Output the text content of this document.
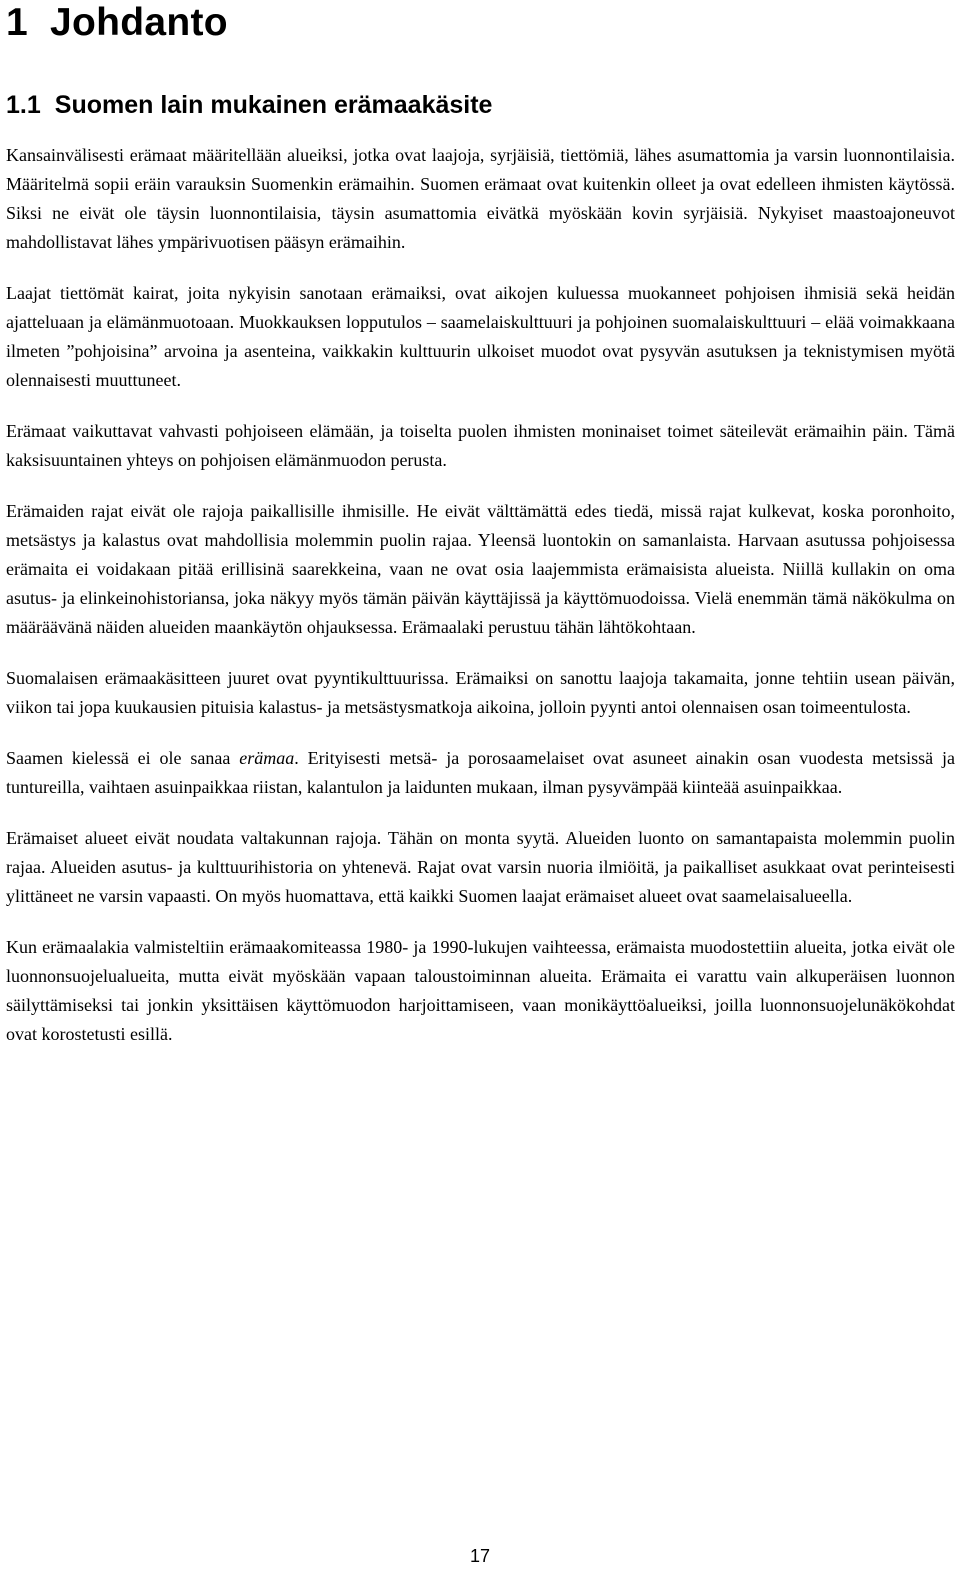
1 Johdanto
1.1 Suomen lain mukainen erämaakäsite

Kansainvälisesti erämaat määritellään alueiksi, jotka ovat laajoja, syrjäisiä, tiettömiä, lähes asumattomia ja varsin luonnontilaisia. Määritelmä sopii eräin varauksin Suomenkin erämaihin. Suomen erämaat ovat kuitenkin olleet ja ovat edelleen ihmisten käytössä. Siksi ne eivät ole täysin luonnontilaisia, täysin asumattomia eivätkä myöskään kovin syrjäisiä. Nykyiset maastoajoneuvot mahdollistavat lähes ympärivuotisen pääsyn erämaihin.

Laajat tiettömät kairat, joita nykyisin sanotaan erämaiksi, ovat aikojen kuluessa muokanneet pohjoisen ihmisiä sekä heidän ajatteluaan ja elämänmuotoaan. Muokkauksen lopputulos – saamelaiskulttuuri ja pohjoinen suomalaiskulttuuri – elää voimakkaana ilmeten ”pohjoisina” arvoina ja asenteina, vaikkakin kulttuurin ulkoiset muodot ovat pysyvän asutuksen ja teknistymisen myötä olennaisesti muuttuneet.

Erämaat vaikuttavat vahvasti pohjoiseen elämään, ja toiselta puolen ihmisten moninaiset toimet säteilevät erämaihin päin. Tämä kaksisuuntainen yhteys on pohjoisen elämänmuodon perusta.

Erämaiden rajat eivät ole rajoja paikallisille ihmisille. He eivät välttämättä edes tiedä, missä rajat kulkevat, koska poronhoito, metsästys ja kalastus ovat mahdollisia molemmin puolin rajaa. Yleensä luontokin on samanlaista. Harvaan asutussa pohjoisessa erämaita ei voidakaan pitää erillisinä saarekkeina, vaan ne ovat osia laajemmista erämaisista alueista. Niillä kullakin on oma asutus- ja elinkeinohistoriansa, joka näkyy myös tämän päivän käyttäjissä ja käyttömuodoissa. Vielä enemmän tämä näkökulma on määräävänä näiden alueiden maankäytön ohjauksessa. Erämaalaki perustuu tähän lähtökohtaan.

Suomalaisen erämaakäsitteen juuret ovat pyyntikulttuurissa. Erämaiksi on sanottu laajoja takamaita, jonne tehtiin usean päivän, viikon tai jopa kuukausien pituisia kalastus- ja metsästysmatkoja aikoina, jolloin pyynti antoi olennaisen osan toimeentulosta.

Saamen kielessä ei ole sanaa erämaa. Erityisesti metsä- ja porosaamelaiset ovat asuneet ainakin osan vuodesta metsissä ja tuntureilla, vaihtaen asuinpaikkaa riistan, kalantulon ja laidunten mukaan, ilman pysyvämpää kiinteää asuinpaikkaa.

Erämaiset alueet eivät noudata valtakunnan rajoja. Tähän on monta syytä. Alueiden luonto on samantapaista molemmin puolin rajaa. Alueiden asutus- ja kulttuurihistoria on yhtenevä. Rajat ovat varsin nuoria ilmiöitä, ja paikalliset asukkaat ovat perinteisesti ylittäneet ne varsin vapaasti. On myös huomattava, että kaikki Suomen laajat erämaiset alueet ovat saamelaisalueella.

Kun erämaalakia valmisteltiin erämaakomiteassa 1980- ja 1990-lukujen vaihteessa, erämaista muodostettiin alueita, jotka eivät ole luonnonsuojelualueita, mutta eivät myöskään vapaan taloustoiminnan alueita. Erämaita ei varattu vain alkuperäisen luonnon säilyttämiseksi tai jonkin yksittäisen käyttömuodon harjoittamiseen, vaan monikäyttöalueiksi, joilla luonnonsuojelunäkökohdat ovat korostetusti esillä.

17
